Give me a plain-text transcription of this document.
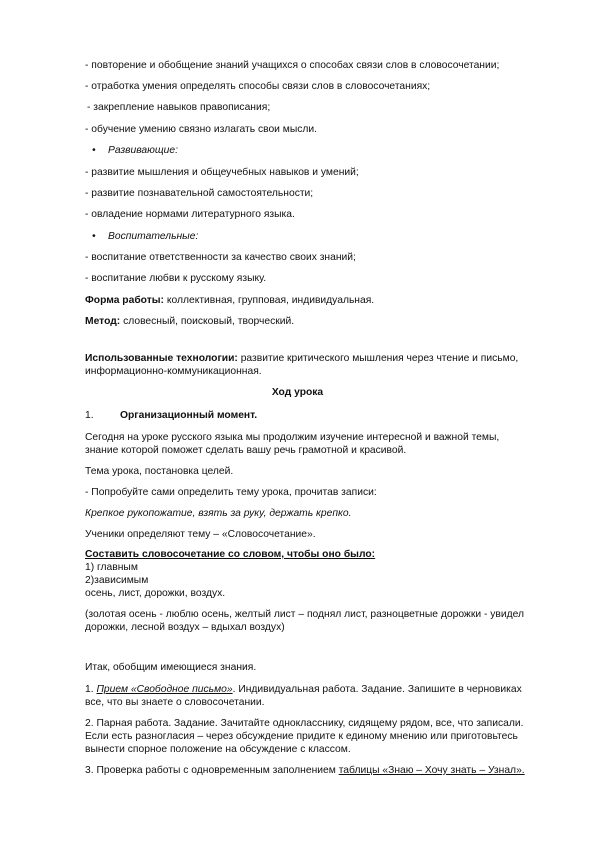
- повторение и обобщение знаний учащихся о способах связи слов в словосочетании;
- отработка умения определять способы связи слов в словосочетаниях;
- закрепление навыков правописания;
- обучение умению связно излагать свои мысли.
• Развивающие:
- развитие мышления и общеучебных навыков и умений;
- развитие познавательной самостоятельности;
- овладение нормами литературного языка.
• Воспитательные:
- воспитание ответственности за качество своих знаний;
- воспитание любви к русскому языку.
Форма работы: коллективная, групповая, индивидуальная.
Метод: словесный, поисковый, творческий.
Использованные технологии: развитие критического мышления через чтение и письмо,
информационно-коммуникационная.
Ход урока
1.	Организационный момент.
Сегодня на уроке русского языка мы продолжим изучение интересной и важной темы,
знание которой поможет сделать вашу речь грамотной и красивой.
Тема урока, постановка целей.
- Попробуйте сами определить тему урока, прочитав записи:
Крепкое рукопожатие, взять за руку, держать крепко.
Ученики определяют тему – «Словосочетание».
Составить словосочетание со словом, чтобы оно было:
1) главным
2)зависимым
осень, лист, дорожки, воздух.
(золотая осень - люблю осень, желтый лист – поднял лист, разноцветные дорожки - увидел
дорожки, лесной воздух – вдыхал воздух)
Итак, обобщим имеющиеся знания.
1. Прием «Свободное письмо». Индивидуальная работа. Задание. Запишите в черновиках
все, что вы знаете о словосочетании.
2. Парная работа. Задание. Зачитайте однокласснику, сидящему рядом, все, что записали.
Если есть разногласия – через обсуждение придите к единому мнению или приготовьтесь
вынести спорное положение на обсуждение с классом.
3. Проверка работы с одновременным заполнением таблицы «Знаю – Хочу знать – Узнал».
